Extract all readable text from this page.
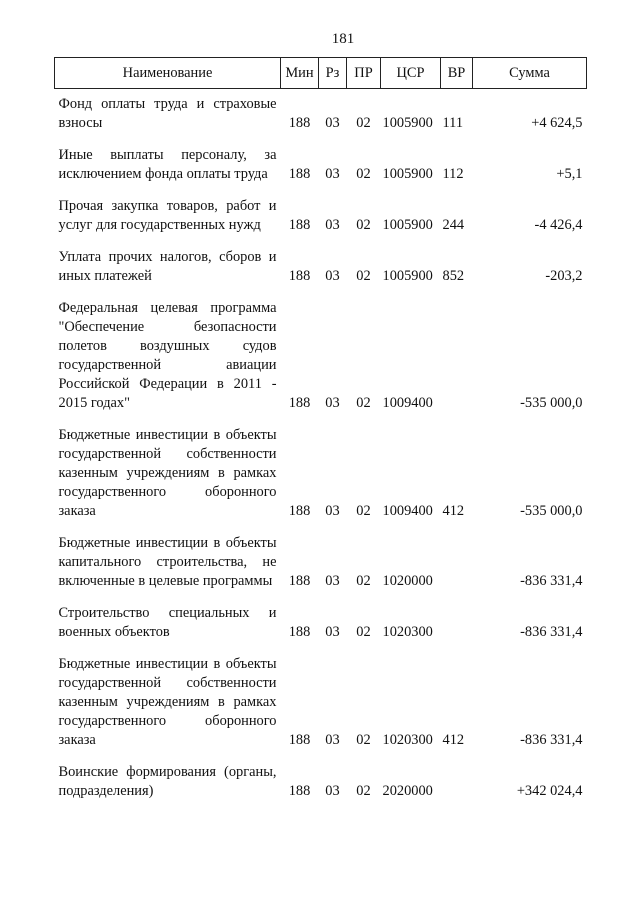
181
Наименование	Мин	Рз	ПР	ЦСР	ВР	Сумма
Фонд оплаты труда и страховые взносы	188	03	02	1005900	111	+4 624,5
Иные выплаты персоналу, за исключением фонда оплаты труда	188	03	02	1005900	112	+5,1
Прочая закупка товаров, работ и услуг для государственных нужд	188	03	02	1005900	244	-4 426,4
Уплата прочих налогов, сборов и иных платежей	188	03	02	1005900	852	-203,2
Федеральная целевая программа "Обеспечение безопасности полетов воздушных судов государственной авиации Российской Федерации в 2011 - 2015 годах"	188	03	02	1009400		-535 000,0
Бюджетные инвестиции в объекты государственной собственности казенным учреждениям в рамках государственного оборонного заказа	188	03	02	1009400	412	-535 000,0
Бюджетные инвестиции в объекты капитального строительства, не включенные в целевые программы	188	03	02	1020000		-836 331,4
Строительство специальных и военных объектов	188	03	02	1020300		-836 331,4
Бюджетные инвестиции в объекты государственной собственности казенным учреждениям в рамках государственного оборонного заказа	188	03	02	1020300	412	-836 331,4
Воинские формирования (органы, подразделения)	188	03	02	2020000		+342 024,4
